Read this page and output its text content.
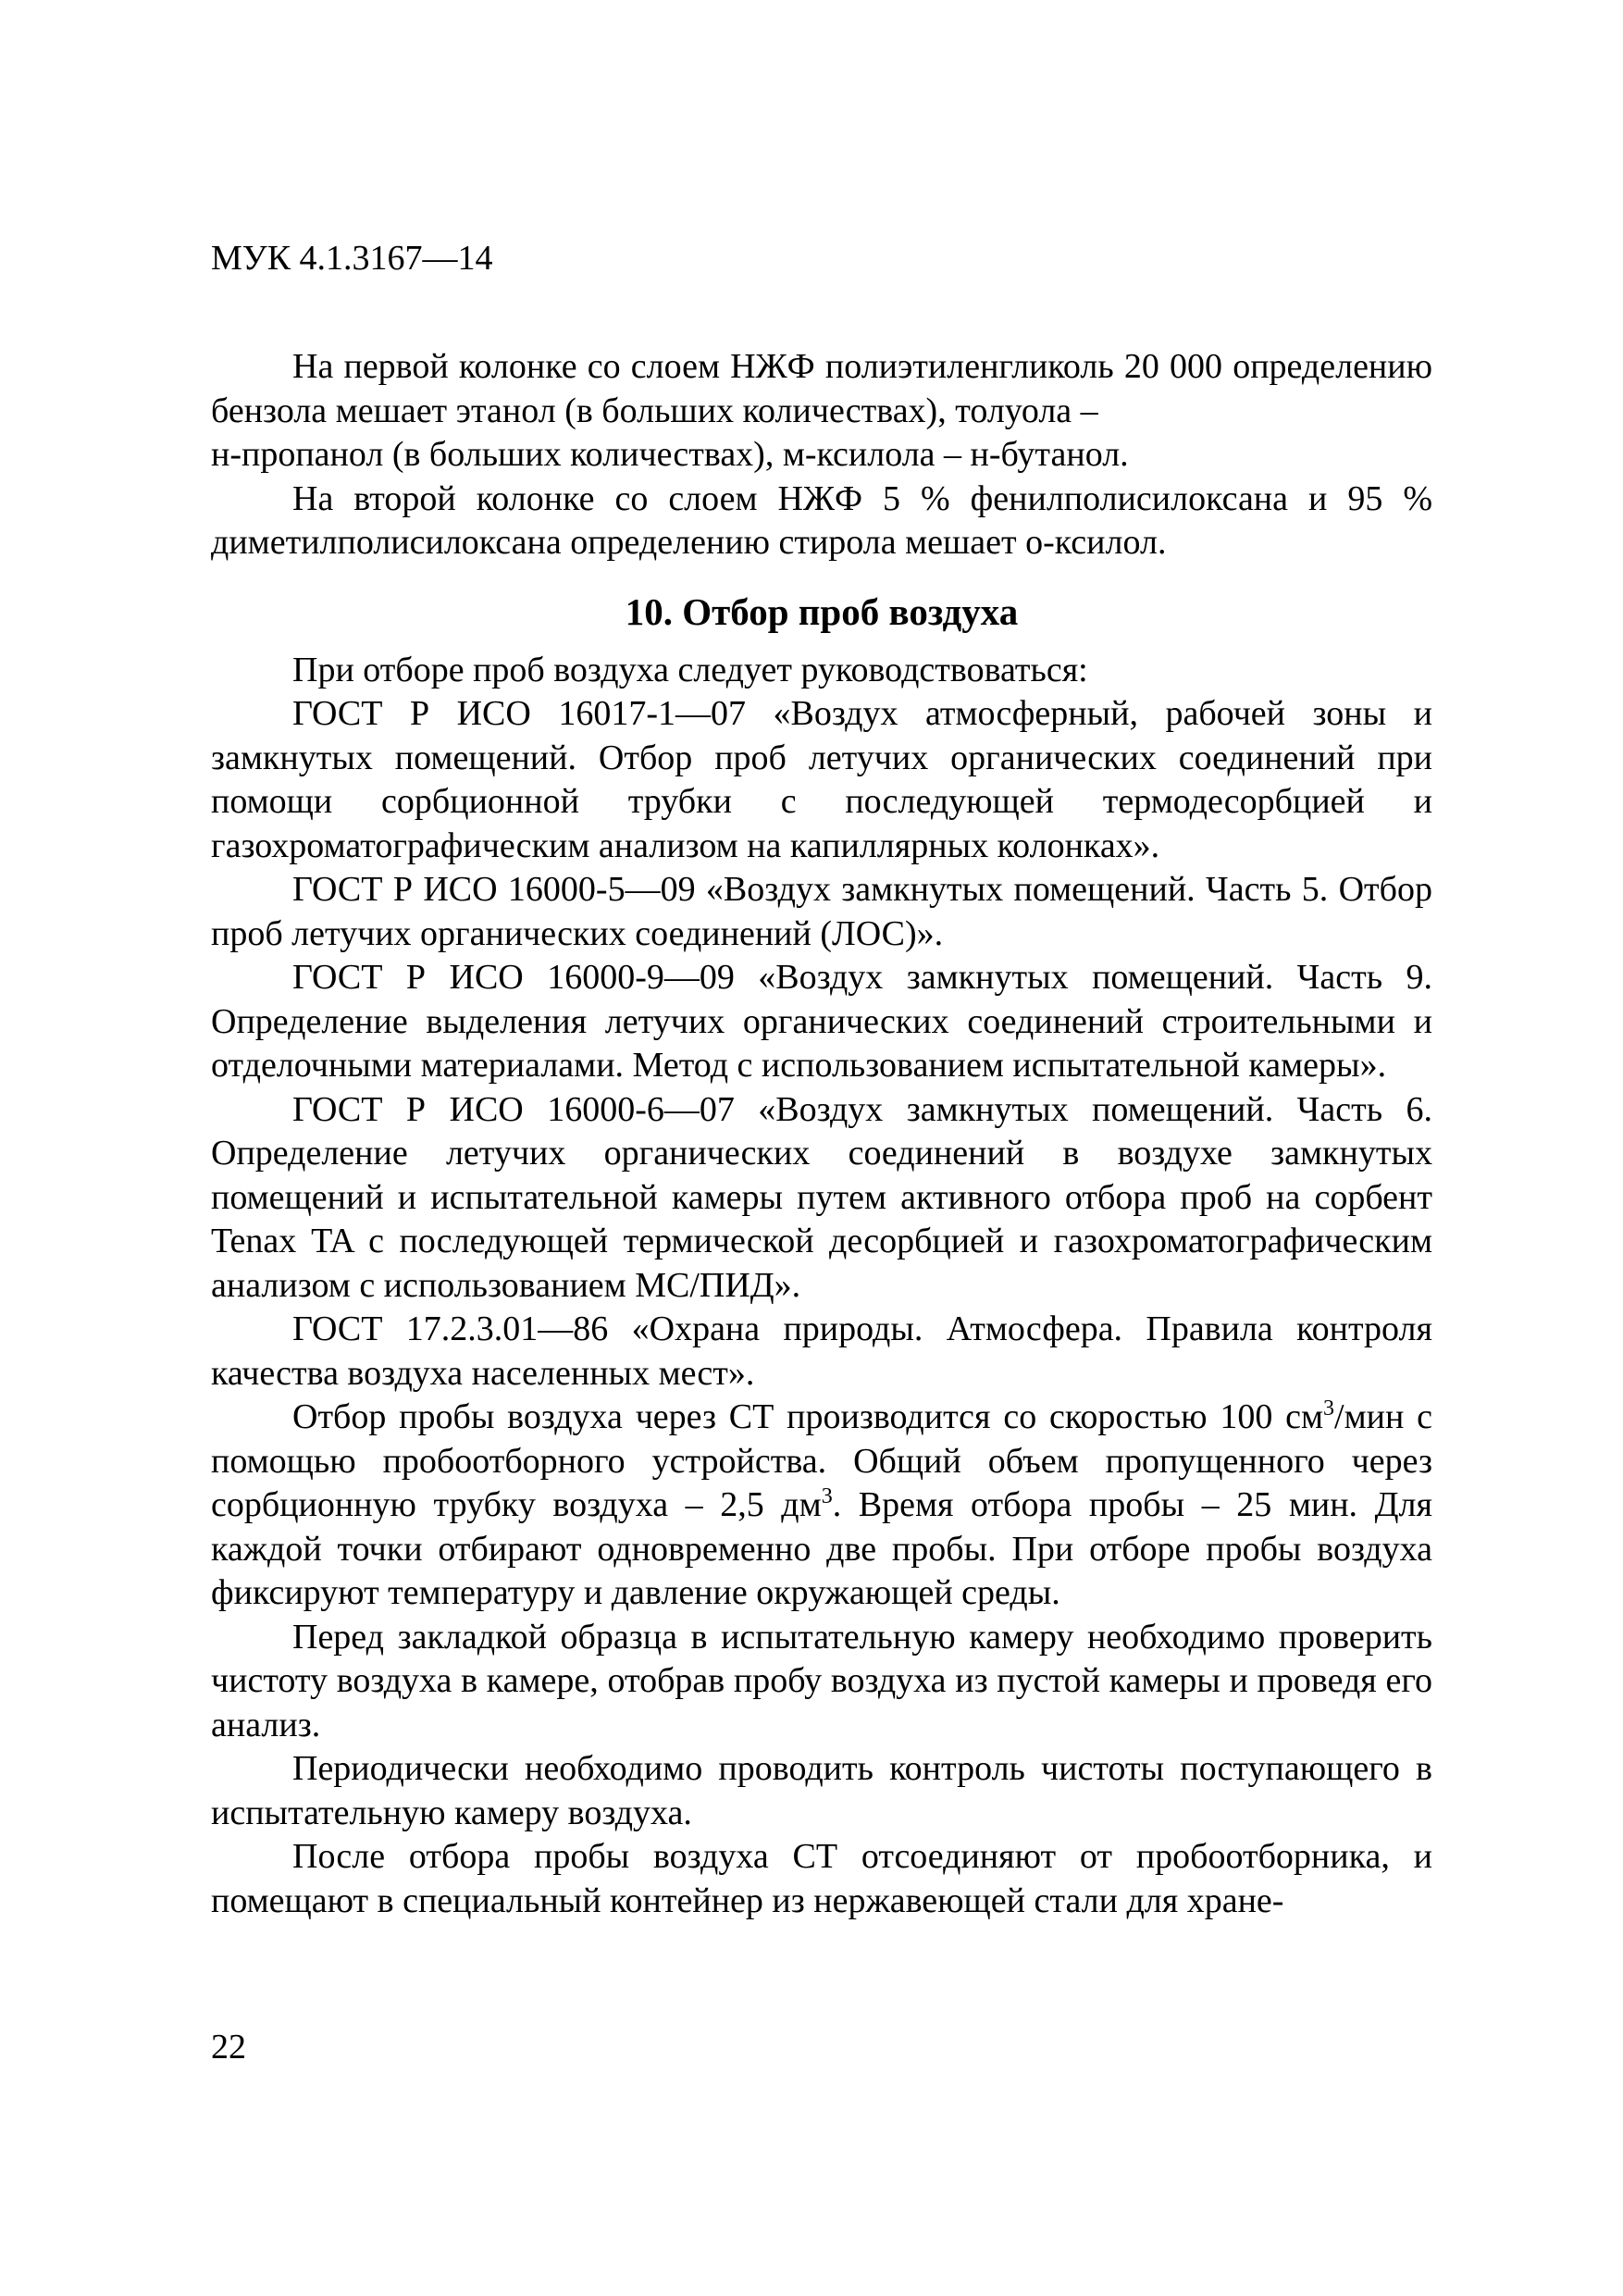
МУК 4.1.3167—14

На первой колонке со слоем НЖФ полиэтиленгликоль 20 000 определению бензола мешает этанол (в больших количествах), толуола –

н-пропанол (в больших количествах), м-ксилола – н-бутанол.

На второй колонке со слоем НЖФ 5 % фенилполисилоксана и 95 % диметилполисилоксана определению стирола мешает о-ксилол.

10. Отбор проб воздуха

При отборе проб воздуха следует руководствоваться:

ГОСТ Р ИСО 16017-1—07 «Воздух атмосферный, рабочей зоны и замкнутых помещений. Отбор проб летучих органических соединений при помощи сорбционной трубки с последующей термодесорбцией и газохроматографическим анализом на капиллярных колонках».

ГОСТ Р ИСО 16000-5—09 «Воздух замкнутых помещений. Часть 5. Отбор проб летучих органических соединений (ЛОС)».

ГОСТ Р ИСО 16000-9—09 «Воздух замкнутых помещений. Часть 9. Определение выделения летучих органических соединений строительными и отделочными материалами. Метод с использованием испытательной камеры».

ГОСТ Р ИСО 16000-6—07 «Воздух замкнутых помещений. Часть 6. Определение летучих органических соединений в воздухе замкнутых помещений и испытательной камеры путем активного отбора проб на сорбент Tenax TA с последующей термической десорбцией и газохроматографическим анализом с использованием МС/ПИД».

ГОСТ 17.2.3.01—86 «Охрана природы. Атмосфера. Правила контроля качества воздуха населенных мест».

Отбор пробы воздуха через СТ производится со скоростью 100 $см^3$/мин с помощью пробоотборного устройства. Общий объем пропущенного через сорбционную трубку воздуха – 2,5 $дм^3$. Время отбора пробы – 25 мин. Для каждой точки отбирают одновременно две пробы. При отборе пробы воздуха фиксируют температуру и давление окружающей среды.

Перед закладкой образца в испытательную камеру необходимо проверить чистоту воздуха в камере, отобрав пробу воздуха из пустой камеры и проведя его анализ.

Периодически необходимо проводить контроль чистоты поступающего в испытательную камеру воздуха.

После отбора пробы воздуха СТ отсоединяют от пробоотборника, и помещают в специальный контейнер из нержавеющей стали для хране-

22
